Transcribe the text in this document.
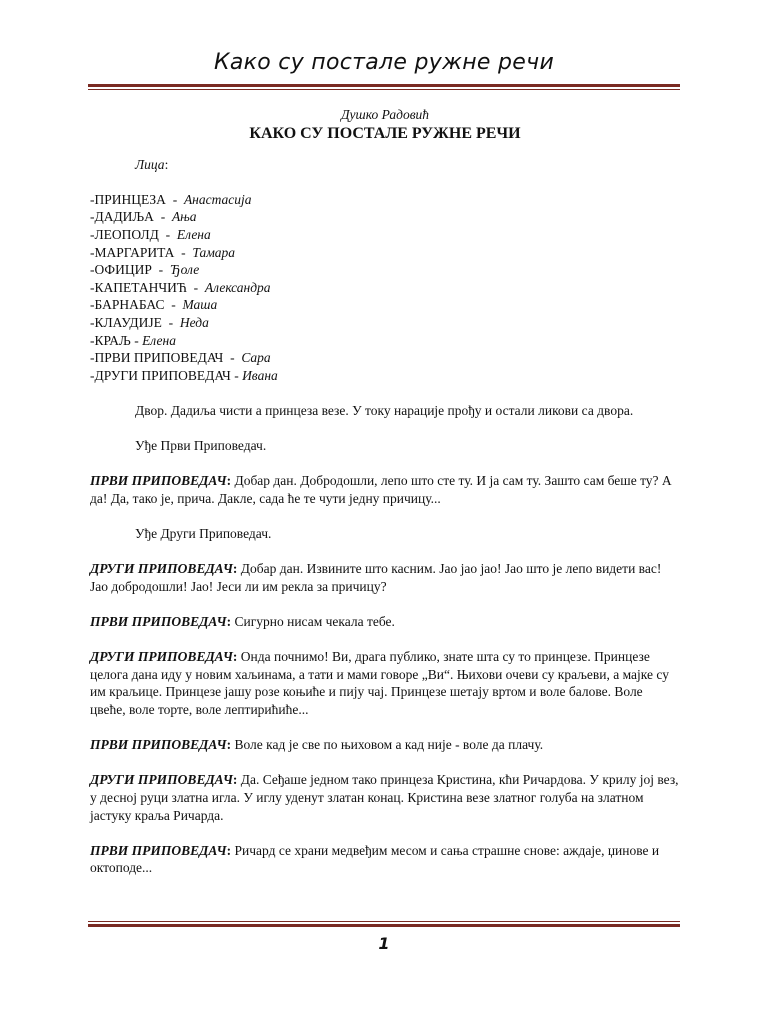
Како су постале ружне речи

Душко Радовић

КАКО СУ ПОСТАЛЕ РУЖНЕ РЕЧИ

Лица:

-ПРИНЦЕЗА  -  Анастасија
-ДАДИЉА  -  Ања
-ЛЕОПОЛД  -  Елена
-МАРГАРИТА  -  Тамара
-ОФИЦИР  -  Ђоле
-КАПЕТАНЧИЋ  -  Александра
-БАРНАБАС  -  Маша
-КЛАУДИЈЕ  -  Неда
-КРАЉ - Елена
-ПРВИ ПРИПОВЕДАЧ  -  Сара
-ДРУГИ ПРИПОВЕДАЧ - Ивана

Двор. Дадиља чисти а принцеза везе. У току нарације прођу и остали ликови са двора.

Уђе Први Приповедач.

ПРВИ ПРИПОВЕДАЧ: Добар дан. Добродошли, лепо што сте ту. И ја сам ту. Зашто сам беше ту? А да! Да, тако је, прича. Дакле, сада ће те чути једну причицу...

Уђе Други Приповедач.

ДРУГИ ПРИПОВЕДАЧ: Добар дан. Извините што касним. Јао јао јао! Јао што је лепо видети вас! Јао добродошли! Јао! Јеси ли им рекла за причицу?

ПРВИ ПРИПОВЕДАЧ: Сигурно нисам чекала тебе.

ДРУГИ ПРИПОВЕДАЧ: Онда почнимо! Ви, драга публико, знате шта су то принцезе. Принцезе целога дана иду у новим хаљинама, а тати и мами говоре „Ви“. Њихови очеви су краљеви, а мајке су им краљице. Принцезе јашу розе коњиће и пију чај. Принцезе шетају вртом и воле балове. Воле цвеће, воле торте, воле лептирићиће...

ПРВИ ПРИПОВЕДАЧ: Воле кад је све по њиховом а кад није - воле да плачу.

ДРУГИ ПРИПОВЕДАЧ: Да. Сеђаше једном тако принцеза Кристина, кћи Ричардова. У крилу јој вез, у десној руци златна игла. У иглу уденут златан конац. Кристина везе златног голуба на златном јастуку краља Ричарда.

ПРВИ ПРИПОВЕДАЧ: Ричард се храни медвеђим месом и сања страшне снове: аждаје, џинове и октоподе...

1
